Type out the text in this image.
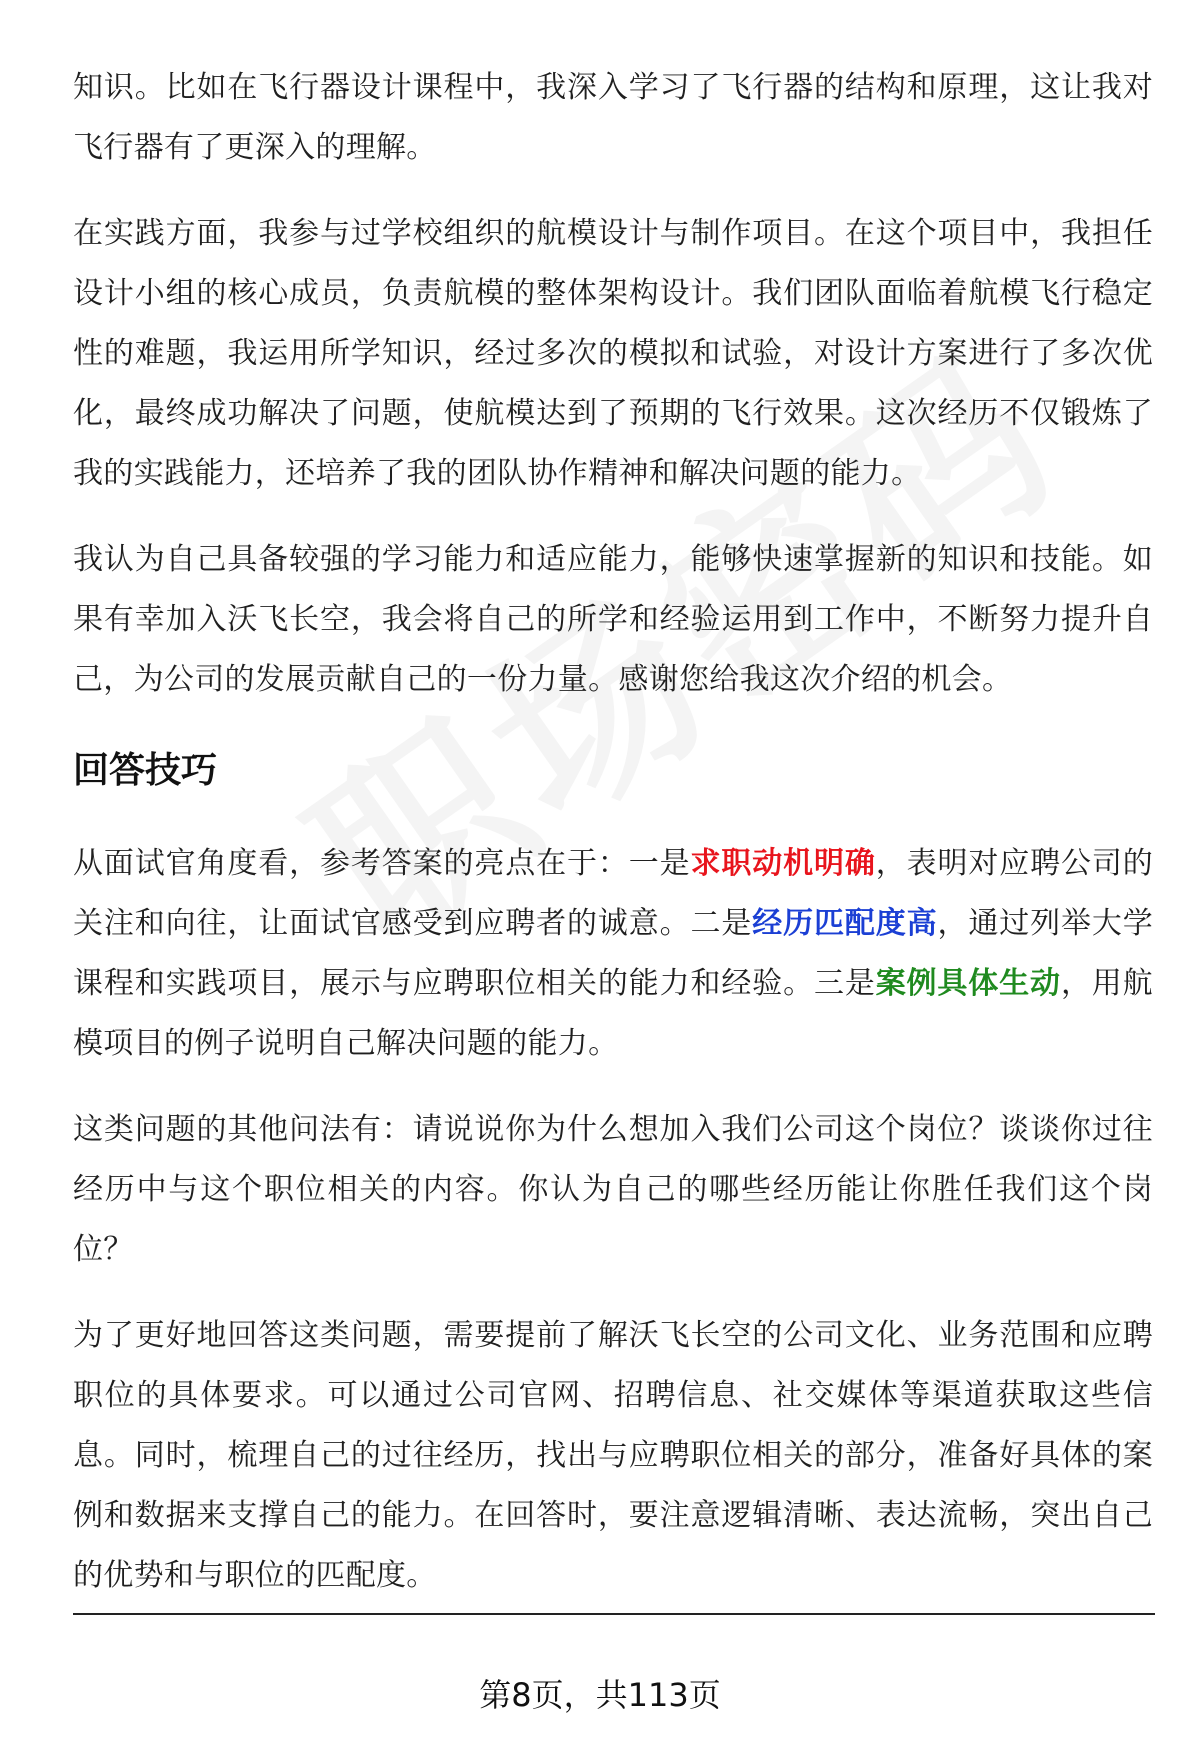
知识。比如在飞行器设计课程中，我深入学习了飞行器的结构和原理，这让我对飞行器有了更深入的理解。

在实践方面，我参与过学校组织的航模设计与制作项目。在这个项目中，我担任设计小组的核心成员，负责航模的整体架构设计。我们团队面临着航模飞行稳定性的难题，我运用所学知识，经过多次的模拟和试验，对设计方案进行了多次优化，最终成功解决了问题，使航模达到了预期的飞行效果。这次经历不仅锻炼了我的实践能力，还培养了我的团队协作精神和解决问题的能力。

我认为自己具备较强的学习能力和适应能力，能够快速掌握新的知识和技能。如果有幸加入沃飞长空，我会将自己的所学和经验运用到工作中，不断努力提升自己，为公司的发展贡献自己的一份力量。感谢您给我这次介绍的机会。

回答技巧

从面试官角度看，参考答案的亮点在于：一是求职动机明确，表明对应聘公司的关注和向往，让面试官感受到应聘者的诚意。二是经历匹配度高，通过列举大学课程和实践项目，展示与应聘职位相关的能力和经验。三是案例具体生动，用航模项目的例子说明自己解决问题的能力。

这类问题的其他问法有：请说说你为什么想加入我们公司这个岗位？谈谈你过往经历中与这个职位相关的内容。你认为自己的哪些经历能让你胜任我们这个岗位？

为了更好地回答这类问题，需要提前了解沃飞长空的公司文化、业务范围和应聘职位的具体要求。可以通过公司官网、招聘信息、社交媒体等渠道获取这些信息。同时，梳理自己的过往经历，找出与应聘职位相关的部分，准备好具体的案例和数据来支撑自己的能力。在回答时，要注意逻辑清晰、表达流畅，突出自己的优势和与职位的匹配度。

第8页，共113页
